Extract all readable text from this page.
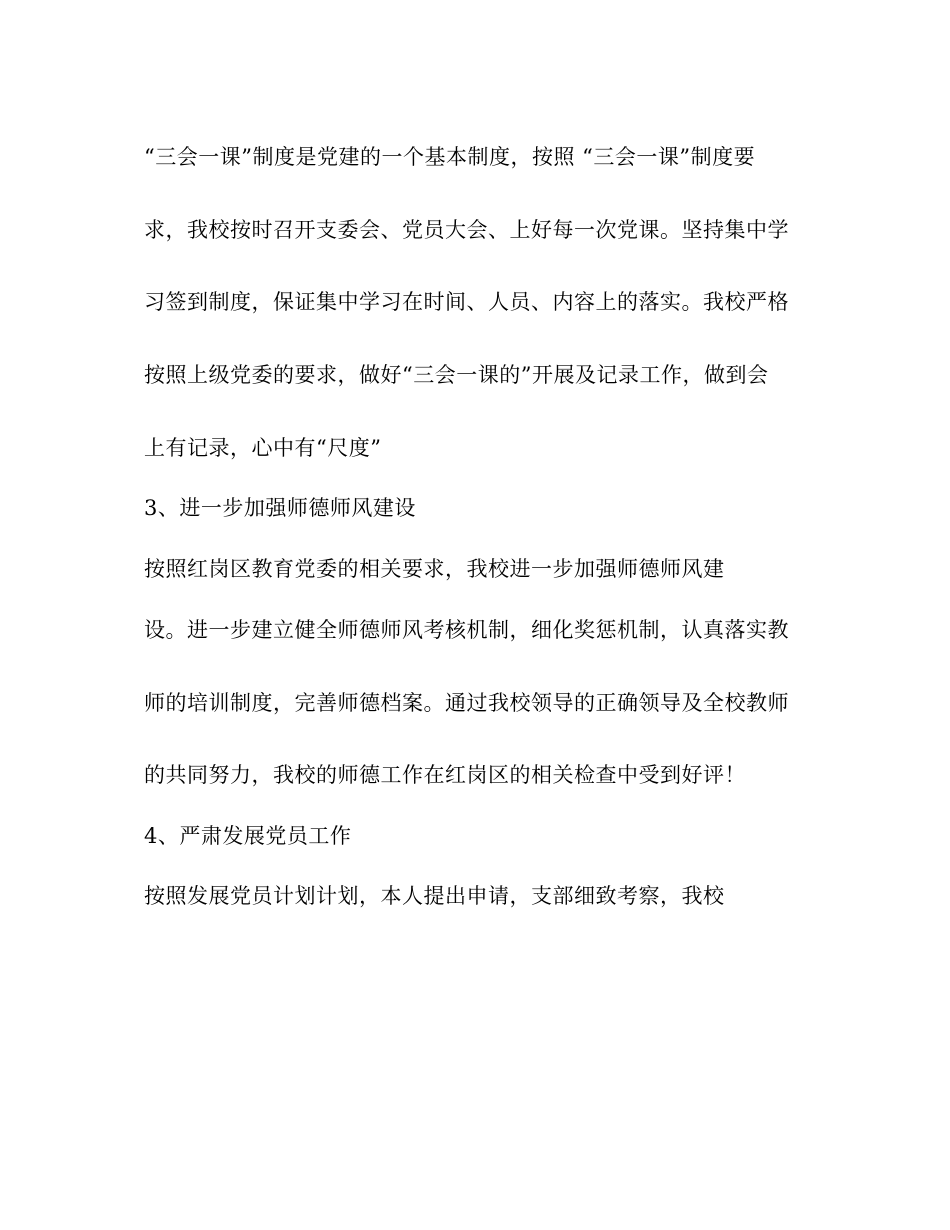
“三会一课”制度是党建的一个基本制度，按照 “三会一课”制度要
求，我校按时召开支委会、党员大会、上好每一次党课。坚持集中学
习签到制度，保证集中学习在时间、人员、内容上的落实。我校严格
按照上级党委的要求，做好“三会一课的”开展及记录工作，做到会
上有记录，心中有“尺度”
3、进一步加强师德师风建设
按照红岗区教育党委的相关要求，我校进一步加强师德师风建
设。进一步建立健全师德师风考核机制，细化奖惩机制，认真落实教
师的培训制度，完善师德档案。通过我校领导的正确领导及全校教师
的共同努力，我校的师德工作在红岗区的相关检查中受到好评！
4、严肃发展党员工作
按照发展党员计划计划，本人提出申请，支部细致考察，我校
